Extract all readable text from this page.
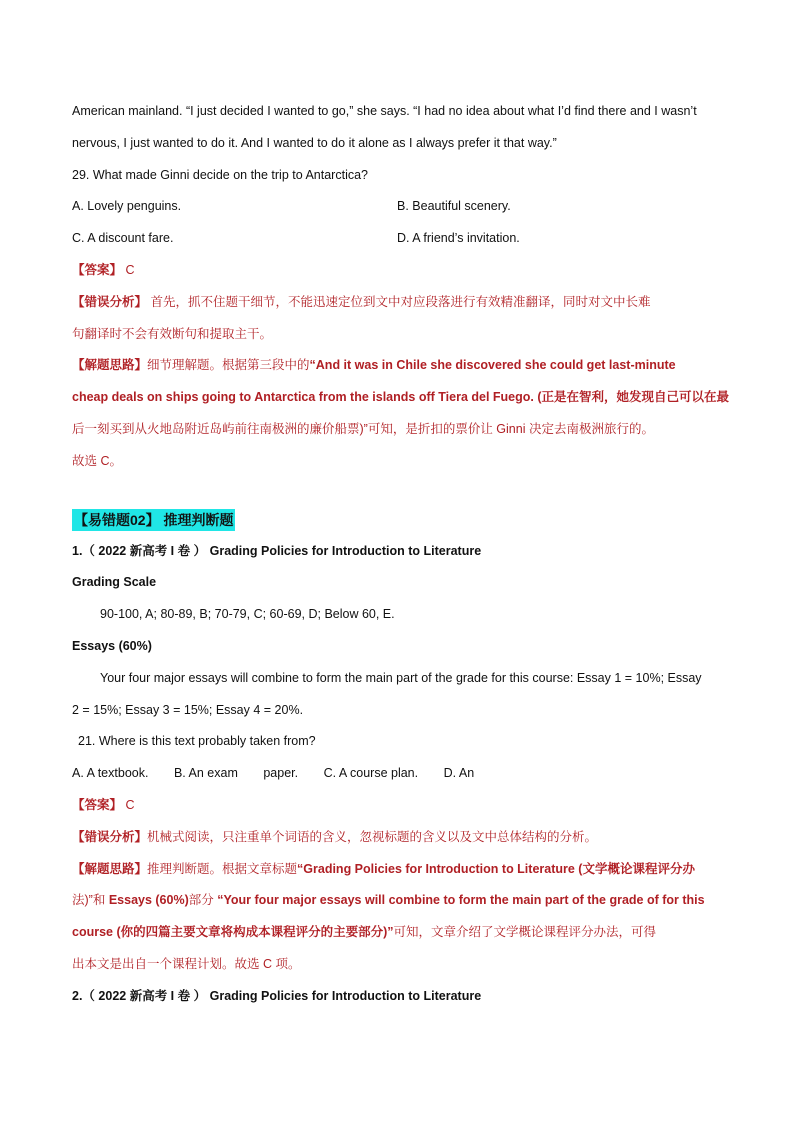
American mainland. “I just decided I wanted to go,” she says. “I had no idea about what I’d find there and I wasn’t
nervous, I just wanted to do it. And I wanted to do it alone as I always prefer it that way.”
29. What made Ginni decide on the trip to Antarctica?
A. Lovely penguins.	B. Beautiful scenery.
C. A discount fare.	D. A friend’s invitation.
【答案】 C
【错误分析】 首先，抓不住题干细节，不能迅速定位到文中对应段落进行有效精准翻译，同时对文中长难
句翻译时不会有效断句和提取主干。
【解题思路】细节理解题。根据第三段中的“And it was in Chile she discovered she could get last-minute
cheap deals on ships going to Antarctica from the islands off Tiera del Fuego. (正是在智利，她发现自己可以在最
后一刻买到从火地岛附近岛屿前往南极洲的廉价船票)”可知，是折扣的票价让 Ginni 决定去南极洲旅行的。
故选 C。
【易错题02】 推理判断题
1.（ 2022 新高考 I 卷 ） Grading Policies for Introduction to Literature
Grading Scale
90-100, A; 80-89, B; 70-79, C; 60-69, D; Below 60, E.
Essays (60%)
Your four major essays will combine to form the main part of the grade for this course: Essay 1 = 10%; Essay
2 = 15%; Essay 3 = 15%; Essay 4 = 20%.
21. Where is this text probably taken from?
A. A textbook. B. An exam paper. C. A course plan. D. An
【答案】 C
【错误分析】机械式阅读，只注重单个词语的含义，忽视标题的含义以及文中总体结构的分析。
【解题思路】推理判断题。根据文章标题“Grading Policies for Introduction to Literature (文学概论课程评分办
法)”和 Essays (60%)部分 “Your four major essays will combine to form the main part of the grade of for this
course (你的四篇主要文章将构成本课程评分的主要部分)”可知，文章介绍了文学概论课程评分办法，可得
出本文是出自一个课程计划。故选 C 项。
2.（ 2022 新高考 I 卷 ） Grading Policies for Introduction to Literature
